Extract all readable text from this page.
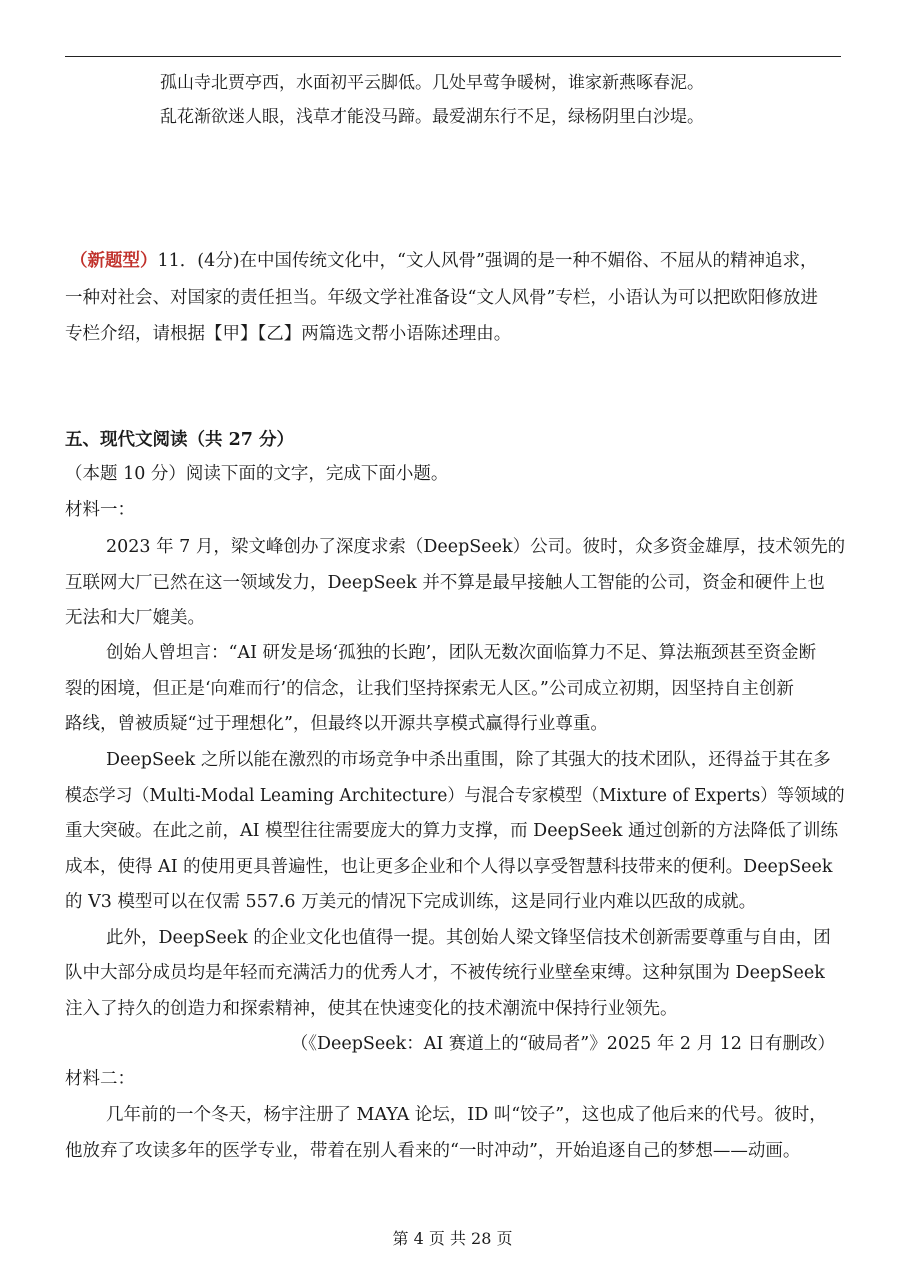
孤山寺北贾亭西，水面初平云脚低。几处早莺争暖树，谁家新燕啄春泥。
乱花渐欲迷人眼，浅草才能没马蹄。最爱湖东行不足，绿杨阴里白沙堤。
（新题型）11．(4分)在中国传统文化中，“文人风骨”强调的是一种不媚俗、不屈从的精神追求，
一种对社会、对国家的责任担当。年级文学社准备设“文人风骨”专栏，小语认为可以把欧阳修放进
专栏介绍，请根据【甲】【乙】两篇选文帮小语陈述理由。
五、现代文阅读（共 27 分）
（本题 10 分）阅读下面的文字，完成下面小题。
材料一：
2023 年 7 月，梁文峰创办了深度求索（DeepSeek）公司。彼时，众多资金雄厚，技术领先的
互联网大厂已然在这一领域发力，DeepSeek 并不算是最早接触人工智能的公司，资金和硬件上也
无法和大厂媲美。
创始人曾坦言：“AI 研发是场‘孤独的长跑’，团队无数次面临算力不足、算法瓶颈甚至资金断
裂的困境，但正是‘向难而行’的信念，让我们坚持探索无人区。”公司成立初期，因坚持自主创新
路线，曾被质疑“过于理想化”，但最终以开源共享模式赢得行业尊重。
DeepSeek 之所以能在激烈的市场竞争中杀出重围，除了其强大的技术团队，还得益于其在多
模态学习（Multi-Modal Leaming Architecture）与混合专家模型（Mixture of Experts）等领域的
重大突破。在此之前，AI 模型往往需要庞大的算力支撑，而 DeepSeek 通过创新的方法降低了训练
成本，使得 AI 的使用更具普遍性，也让更多企业和个人得以享受智慧科技带来的便利。DeepSeek
的 V3 模型可以在仅需 557.6 万美元的情况下完成训练，这是同行业内难以匹敌的成就。
此外，DeepSeek 的企业文化也值得一提。其创始人梁文锋坚信技术创新需要尊重与自由，团
队中大部分成员均是年轻而充满活力的优秀人才，不被传统行业壁垒束缚。这种氛围为 DeepSeek
注入了持久的创造力和探索精神，使其在快速变化的技术潮流中保持行业领先。
（《DeepSeek：AI 赛道上的“破局者”》2025 年 2 月 12 日有删改）
材料二：
几年前的一个冬天，杨宇注册了 MAYA 论坛，ID 叫“饺子”，这也成了他后来的代号。彼时，
他放弃了攻读多年的医学专业，带着在别人看来的“一时冲动”，开始追逐自己的梦想——动画。
第 4 页 共 28 页
